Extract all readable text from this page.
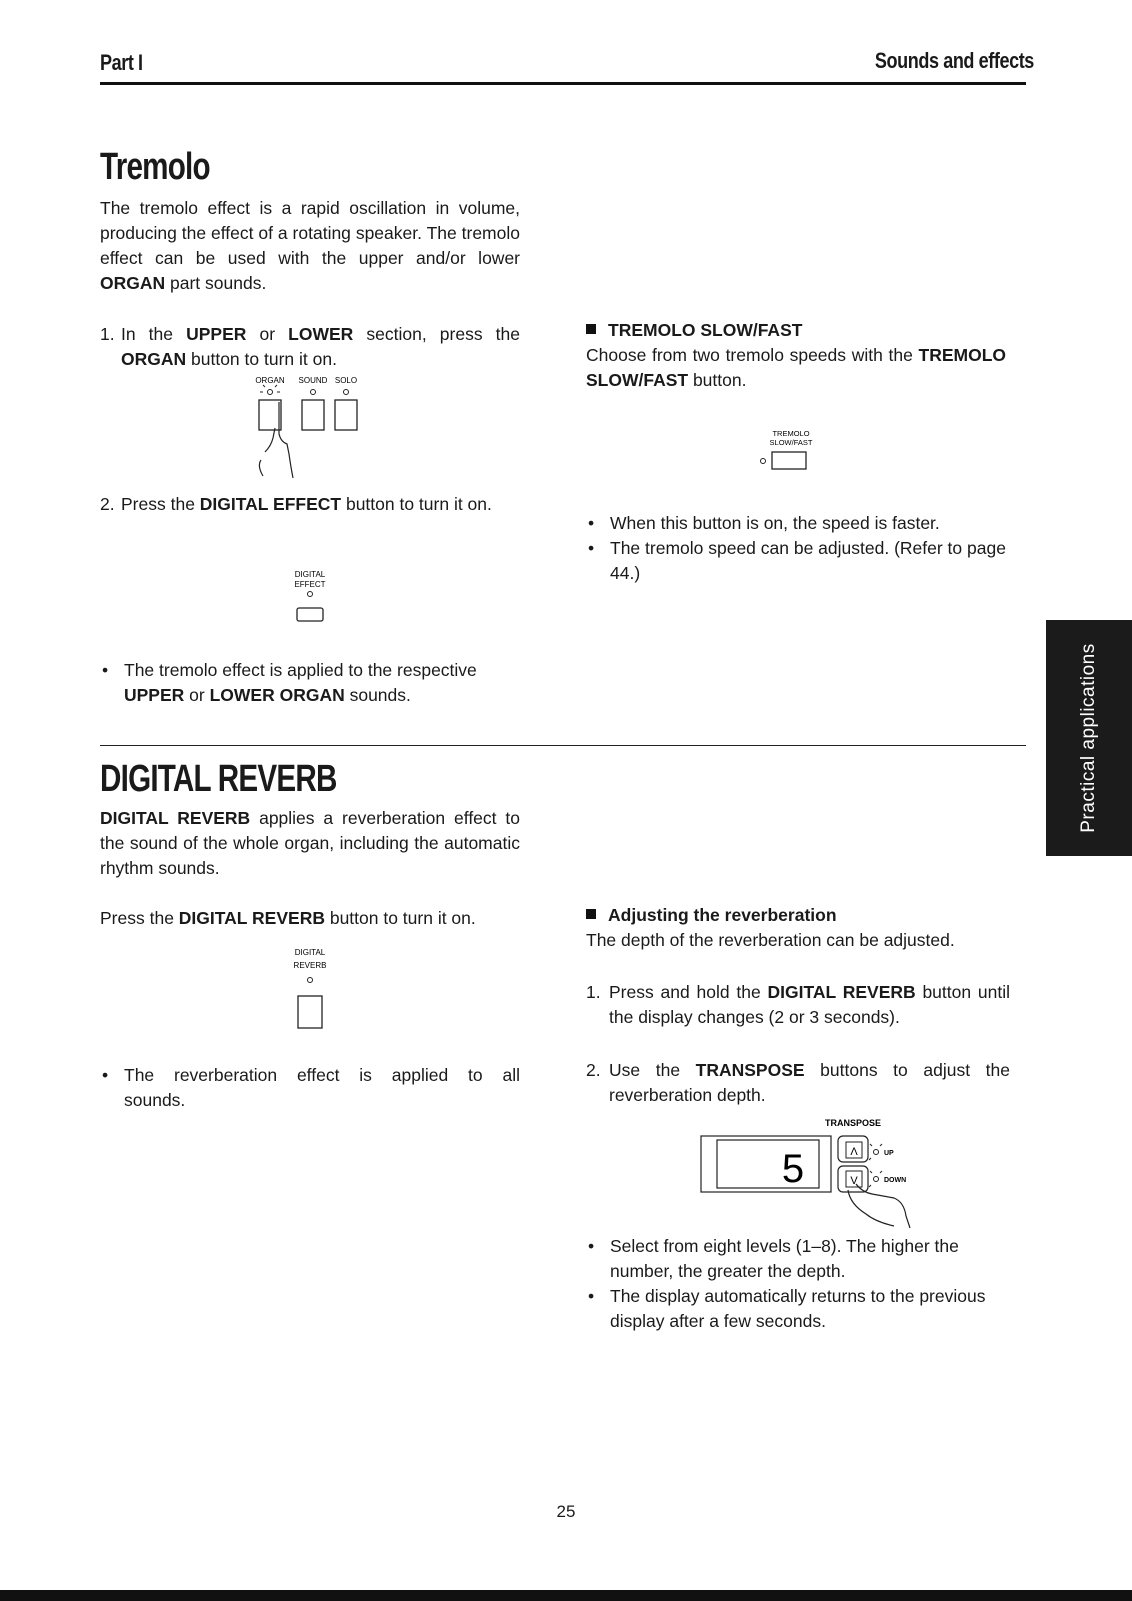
Part I	Sounds and effects
Tremolo
The tremolo effect is a rapid oscillation in volume, producing the effect of a rotating speaker. The tremolo effect can be used with the upper and/or lower ORGAN part sounds.
1. In the UPPER or LOWER section, press the ORGAN button to turn it on.
ORGAN SOUND SOLO
2. Press the DIGITAL EFFECT button to turn it on.
DIGITAL
EFFECT
• The tremolo effect is applied to the respective UPPER or LOWER ORGAN sounds.
TREMOLO SLOW/FAST
Choose from two tremolo speeds with the TREMOLO SLOW/FAST button.
TREMOLO
SLOW/FAST
• When this button is on, the speed is faster.
• The tremolo speed can be adjusted. (Refer to page 44.)
Practical applications
DIGITAL REVERB
DIGITAL REVERB applies a reverberation effect to the sound of the whole organ, including the automatic rhythm sounds.
Press the DIGITAL REVERB button to turn it on.
DIGITAL
REVERB
• The reverberation effect is applied to all sounds.
Adjusting the reverberation
The depth of the reverberation can be adjusted.
1. Press and hold the DIGITAL REVERB button until the display changes (2 or 3 seconds).
2. Use the TRANSPOSE buttons to adjust the reverberation depth.
TRANSPOSE
5	Λ	UP
V	DOWN
• Select from eight levels (1–8). The higher the number, the greater the depth.
• The display automatically returns to the previous display after a few seconds.
25
